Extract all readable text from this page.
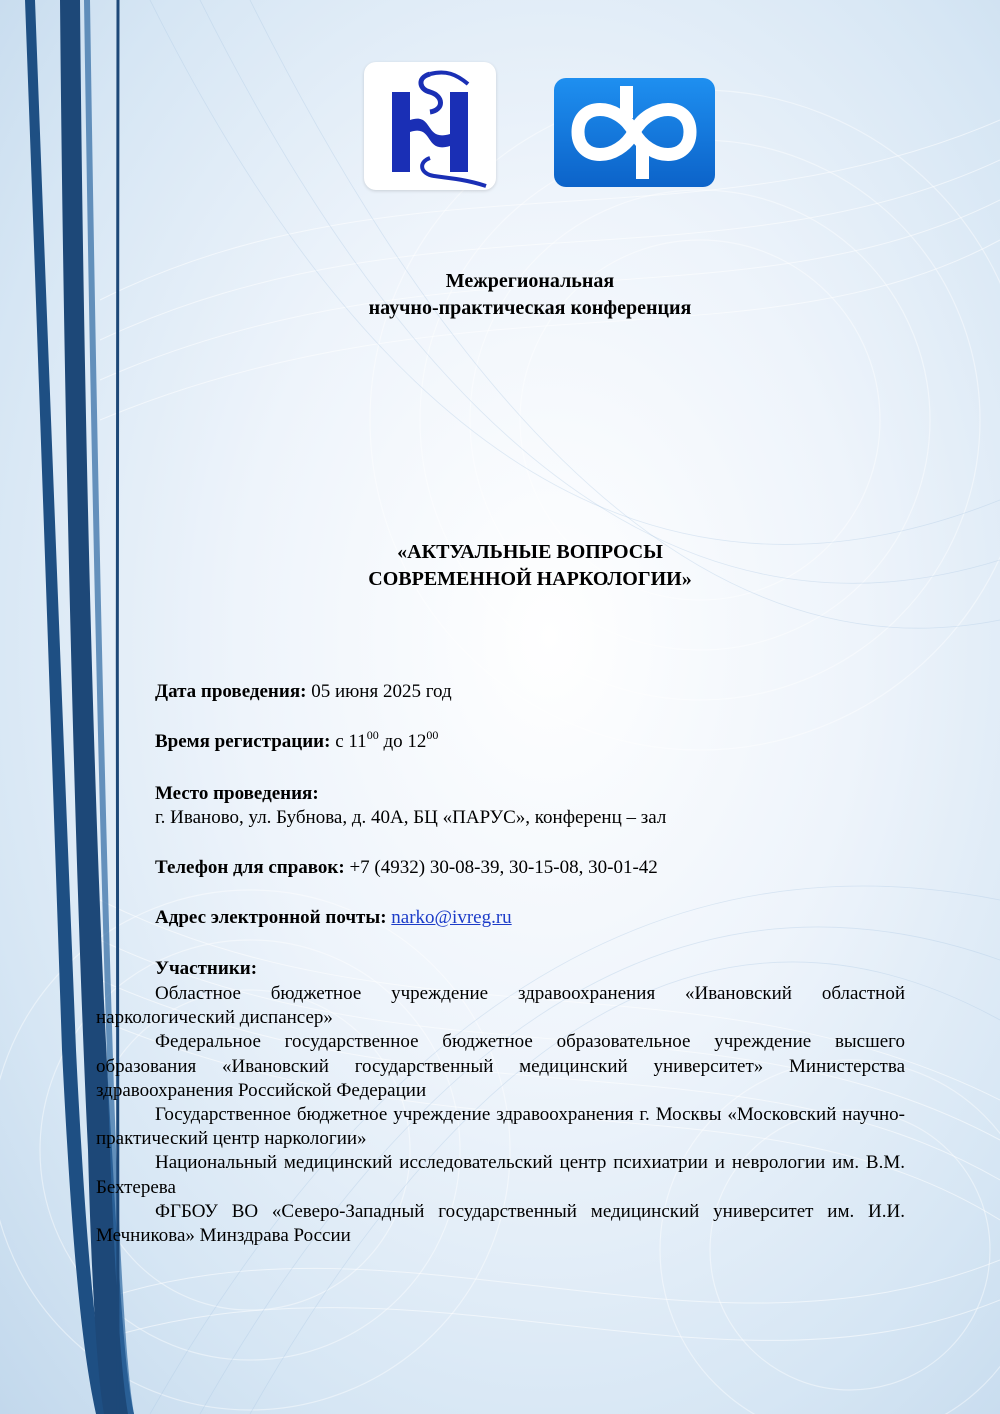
Межрегиональная
научно-практическая конференция
«АКТУАЛЬНЫЕ ВОПРОСЫ
СОВРЕМЕННОЙ НАРКОЛОГИИ»
Дата проведения: 05 июня 2025 год
Время регистрации: с $11^{00}$ до $12^{00}$
Место проведения:
г. Иваново, ул. Бубнова, д. 40А, БЦ «ПАРУС», конференц – зал
Телефон для справок: +7 (4932) 30-08-39, 30-15-08, 30-01-42
Адрес электронной почты: narko@ivreg.ru
Участники:

Областное бюджетное учреждение здравоохранения «Ивановский областной наркологический диспансер»

Федеральное государственное бюджетное образовательное учреждение высшего образования «Ивановский государственный медицинский университет» Министерства здравоохранения Российской Федерации

Государственное бюджетное учреждение здравоохранения г. Москвы «Московский научно-практический центр наркологии»

Национальный медицинский исследовательский центр психиатрии и неврологии им. В.М. Бехтерева

ФГБОУ ВО «Северо-Западный государственный медицинский университет им. И.И. Мечникова» Минздрава России
